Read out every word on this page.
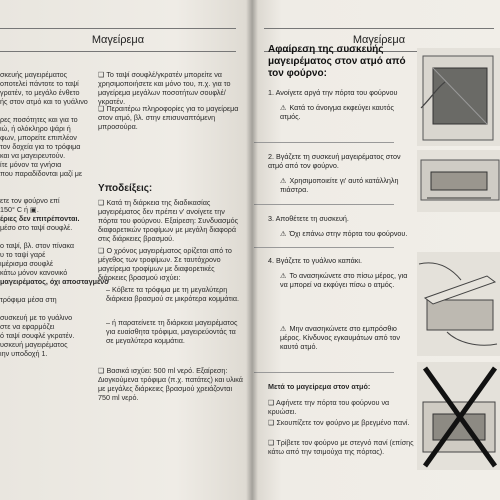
Μαγείρεμα
σκευής μαγειρέματος
οποτελεί πάντοτε το ταψί
γρατέν, το μεγάλο ένθετο
ής στον ατμό και το γυάλινο
ρες ποσότητες και για το
ιώ, ή ολόκληρο ψάρι ή
φων, μπορείτε επιπλέον
τον δοχεία για το τρόφιμα
και να μαγειρευτούν.
ίτε μόνον τα γνήσια
που παραδίδονται μαζί με
ετε τον φούρνο επί
150° C ή ▣.
έριες δεν επιτρέπονται.
μέσο στο ταψί σουφλέ.
ο ταψί, βλ. στον πίνακα
υ το ταψί γαρέ
ιμέρισμα σουφλέ
κάτω μόνον κανονικό
μαγειρέματος, όχι αποσταγμένο
τρόφιμα μέσα στη
συσκευή με το γυάλινο
στε να εφαρμόζει
ό ταψί σουφλέ γκρατέν.
υσκευή μαγειρέματος
ιην υποδοχή 1.
❑ Το ταψί σουφλέ/γκρατέν μπορείτε να χρησιμοποιήσετε και μόνο του, π.χ. για το μαγείρεμα μεγάλων ποσοτήτων σουφλέ/γκρατέν.
❑ Περαιτέρω πληροφορίες για το μαγείρεμα στον ατμό, βλ. στην επισυναπτόμενη μπροσούρα.
Υποδείξεις:
❑ Κατά τη διάρκεια της διαδικασίας μαγειρέματος δεν πρέπει ν' ανοίγετε την πόρτα του φούρνου. Εξαίρεση: Συνδυασμός διαφορετικών τροφίμων με μεγάλη διαφορά στις διάρκειες βρασμού.
❑ Ο χρόνος μαγειρέματος ορίζεται από το μέγεθος των τροφίμων. Σε ταυτόχρονο μαγείρεμα τροφίμων με διαφορετικές διάρκειες βρασμού ισχύει:
– Κόβετε τα τρόφιμα με τη μεγαλύτερη διάρκεια βρασμού σε μικρότερα κομμάτια.
– ή παρατείνετε τη διάρκεια μαγειρέματος για ευαίσθητα τρόφιμα, μαγειρεύοντάς τα σε μεγαλύτερα κομμάτια.
❑ Βασικά ισχύει: 500 ml νερό. Εξαίρεση: Διογκούμενα τρόφιμα (π.χ. πατάτες) και υλικά με μεγάλες διάρκειες βρασμού χρειάζονται 750 ml νερό.
Μαγείρεμα
Αφαίρεση της συσκευής μαγειρέματος στον ατμό από τον φούρνο:
1. Ανοίγετε αργά την πόρτα του φούρνου
⚠ Κατά το άνοιγμα εκφεύγει καυτός ατμός.
2. Βγάζετε τη συσκευή μαγειρέματος στον ατμό από τον φούρνο.
⚠ Χρησιμοποιείτε γι' αυτό κατάλληλη πιάστρα.
3. Αποθέτετε τη συσκευή.
⚠ Όχι επάνω στην πόρτα του φούρνου.
4. Βγάζετε το γυάλινο καπάκι.
⚠ Το ανασηκώνετε στο πίσω μέρος, για να μπορεί να εκφύγει πίσω ο ατμός.
⚠ Μην ανασηκώνετε στο εμπρόσθιο μέρος. Κίνδυνος εγκαυμάτων από τον καυτό ατμό.
Μετά το μαγείρεμα στον ατμό:
❑ Αφήνετε την πόρτα του φούρνου να κρυώσει.
❑ Σκουπίζετε τον φούρνο με βρεγμένο πανί.
❑ Τρίβετε τον φούρνο με στεγνό πανί (επίσης κάτω από την τσιμούχα της πόρτας).
